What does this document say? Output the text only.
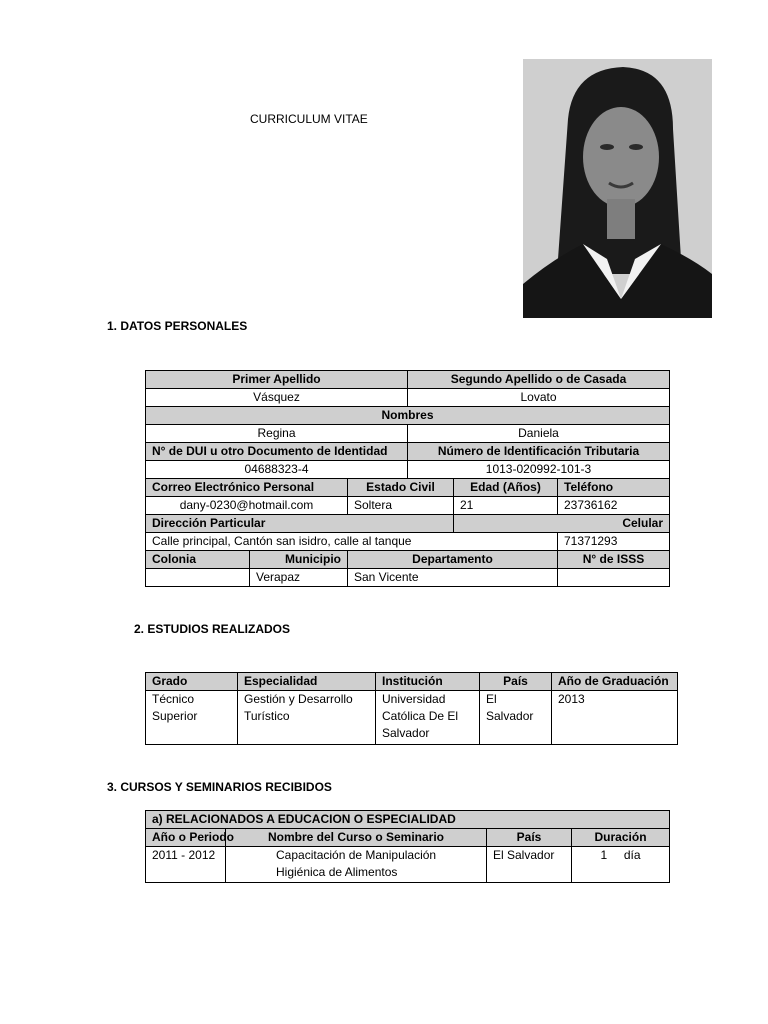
CURRICULUM VITAE
1. DATOS PERSONALES
Primer Apellido			Segundo Apellido o de Casada		
Vásquez			Lovato		
Nombres					
Regina			Daniela		
N° de DUI u otro Documento de Identidad			Número de Identificación Tributaria		
04688323-4			1013-020992-101-3		
Correo Electrónico Personal		Estado Civil		Edad (Años)	Teléfono
dany-0230@hotmail.com		Soltera		21	23736162
Dirección Particular				Celular	
Calle principal, Cantón san isidro, calle al tanque					71371293
Colonia	Municipio	Departamento			N° de ISSS
	Verapaz	San Vicente			
2. ESTUDIOS REALIZADOS
Grado	Especialidad	Institución	País	Año de Graduación
Técnico Superior	Gestión y Desarrollo Turístico	Universidad Católica De El Salvador	El Salvador	2013
3. CURSOS Y SEMINARIOS RECIBIDOS
a) RELACIONADOS A EDUCACION O ESPECIALIDAD			
Año o Periodo	Nombre del Curso o Seminario	País	Duración
2011 - 2012	Capacitación de Manipulación Higiénica de Alimentos	El Salvador	1     día
